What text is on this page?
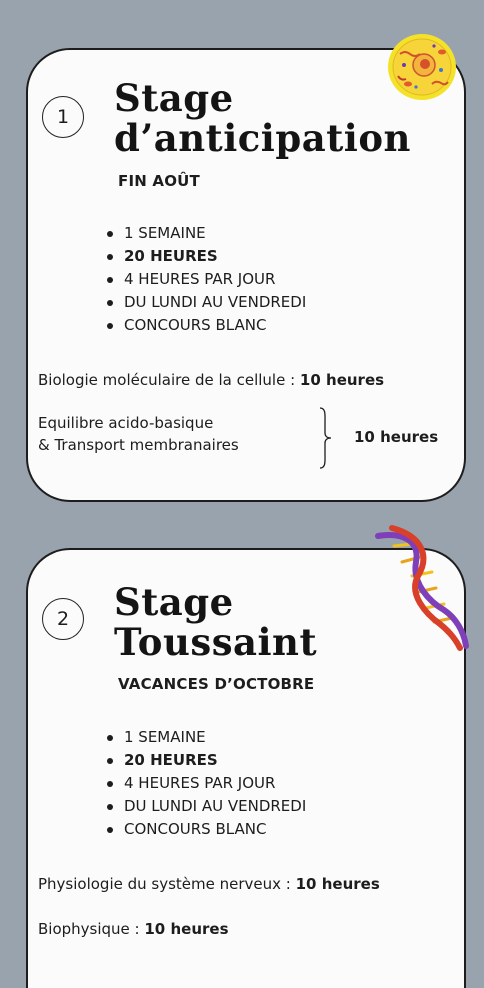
1 Stage
d’anticipation
FIN AOÛT
1 SEMAINE
20 HEURES
4 HEURES PAR JOUR
DU LUNDI AU VENDREDI
CONCOURS BLANC
Biologie moléculaire de la cellule : 10 heures
Equilibre acido-basique
& Transport membranaires	10 heures
2 Stage
Toussaint
VACANCES D’OCTOBRE
1 SEMAINE
20 HEURES
4 HEURES PAR JOUR
DU LUNDI AU VENDREDI
CONCOURS BLANC
Physiologie du système nerveux : 10 heures
Biophysique : 10 heures
